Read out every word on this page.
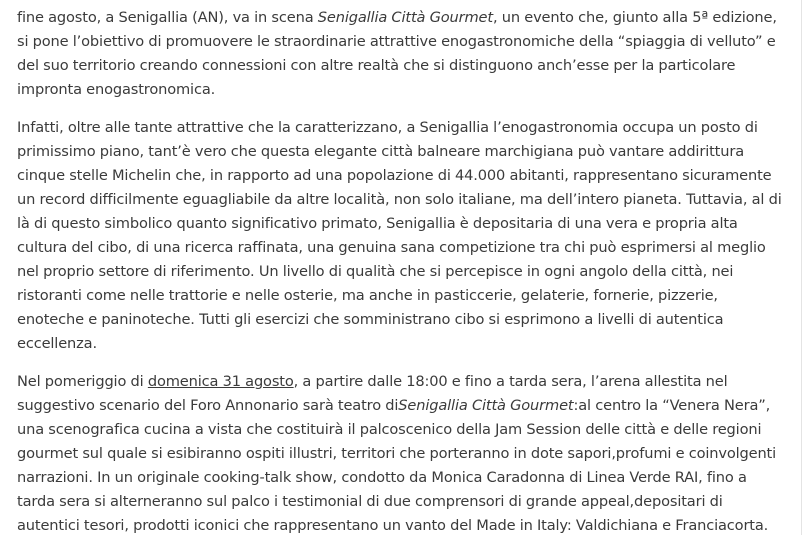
fine agosto, a Senigallia (AN), va in scena Senigallia Città Gourmet, un evento che, giunto alla 5ª edizione, si pone l’obiettivo di promuovere le straordinarie attrattive enogastronomiche della “spiaggia di velluto” e del suo territorio creando connessioni con altre realtà che si distinguono anch’esse per la particolare impronta enogastronomica.

Infatti, oltre alle tante attrattive che la caratterizzano, a Senigallia l’enogastronomia occupa un posto di primissimo piano, tant’è vero che questa elegante città balneare marchigiana può vantare addirittura cinque stelle Michelin che, in rapporto ad una popolazione di 44.000 abitanti, rappresentano sicuramente un record difficilmente eguagliabile da altre località, non solo italiane, ma dell’intero pianeta. Tuttavia, al di là di questo simbolico quanto significativo primato, Senigallia è depositaria di una vera e propria alta cultura del cibo, di una ricerca raffinata, una genuina sana competizione tra chi può esprimersi al meglio nel proprio settore di riferimento. Un livello di qualità che si percepisce in ogni angolo della città, nei ristoranti come nelle trattorie e nelle osterie, ma anche in pasticcerie, gelaterie, fornerie, pizzerie, enoteche e paninoteche. Tutti gli esercizi che somministrano cibo si esprimono a livelli di autentica eccellenza.

Nel pomeriggio di domenica 31 agosto, a partire dalle 18:00 e fino a tarda sera, l’arena allestita nel suggestivo scenario del Foro Annonario sarà teatro diSenigallia Città Gourmet:al centro la “Venera Nera”, una scenografica cucina a vista che costituirà il palcoscenico della Jam Session delle città e delle regioni gourmet sul quale si esibiranno ospiti illustri, territori che porteranno in dote sapori,profumi e coinvolgenti narrazioni. In un originale cooking-talk show, condotto da Monica Caradonna di Linea Verde RAI, fino a tarda sera si alterneranno sul palco i testimonial di due comprensori di grande appeal,depositari di autentici tesori, prodotti iconici che rappresentano un vanto del Made in Italy: Valdichiana e Franciacorta.
